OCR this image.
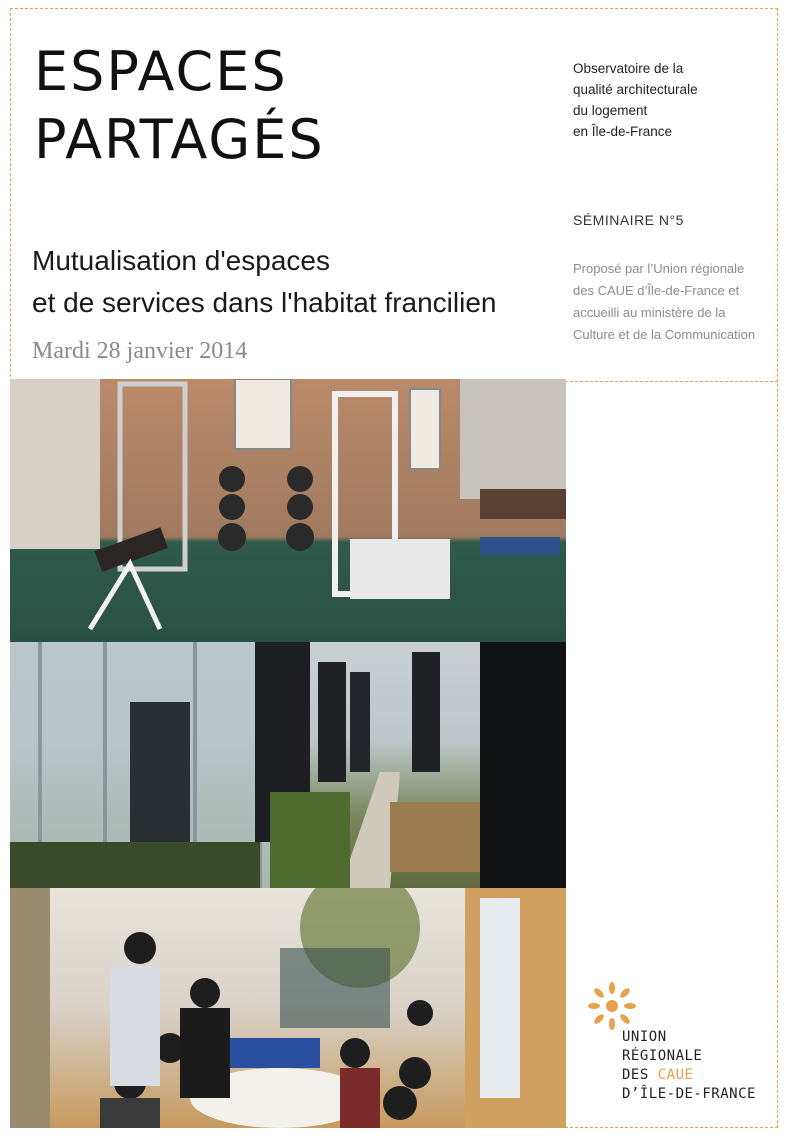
ESPACES
PARTAGÉS
Mutualisation d'espaces
et de services dans l'habitat francilien

Mardi 28 janvier 2014

Observatoire de la
qualité architecturale
du logement
en Île-de-France
SÉMINAIRE N°5
Proposé par l’Union régionale
des CAUE d’Île-de-France et
accueilli au ministère de la
Culture et de la Communication
UNION
RÉGIONALE
DES CAUE
D’ÎLE-DE-FRANCE
